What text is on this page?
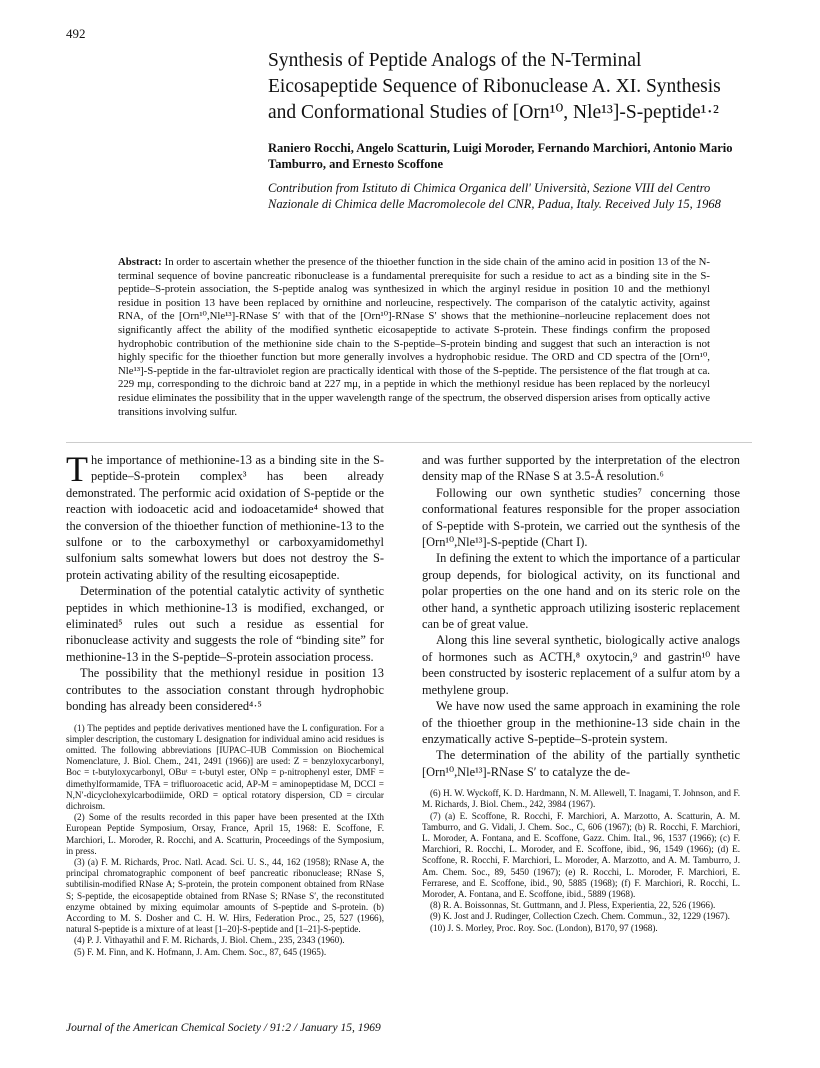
492
Synthesis of Peptide Analogs of the N-Terminal Eicosapeptide Sequence of Ribonuclease A. XI. Synthesis and Conformational Studies of [Orn¹⁰, Nle¹³]-S-peptide¹·²

Raniero Rocchi, Angelo Scatturin, Luigi Moroder, Fernando Marchiori, Antonio Mario Tamburro, and Ernesto Scoffone

Contribution from Istituto di Chimica Organica dell' Università, Sezione VIII del Centro Nazionale di Chimica delle Macromolecole del CNR, Padua, Italy. Received July 15, 1968

Abstract: In order to ascertain whether the presence of the thioether function in the side chain of the amino acid in position 13 of the N-terminal sequence of bovine pancreatic ribonuclease is a fundamental prerequisite for such a residue to act as a binding site in the S-peptide–S-protein association, the S-peptide analog was synthesized in which the arginyl residue in position 10 and the methionyl residue in position 13 have been replaced by ornithine and norleucine, respectively. The comparison of the catalytic activity, against RNA, of the [Orn¹⁰,Nle¹³]-RNase S′ with that of the [Orn¹⁰]-RNase S′ shows that the methionine–norleucine replacement does not significantly affect the ability of the modified synthetic eicosapeptide to activate S-protein. These findings confirm the proposed hydrophobic contribution of the methionine side chain to the S-peptide–S-protein binding and suggest that such an interaction is not highly specific for the thioether function but more generally involves a hydrophobic residue. The ORD and CD spectra of the [Orn¹⁰, Nle¹³]-S-peptide in the far-ultraviolet region are practically identical with those of the S-peptide. The persistence of the flat trough at ca. 229 mμ, corresponding to the dichroic band at 227 mμ, in a peptide in which the methionyl residue has been replaced by the norleucyl residue eliminates the possibility that in the upper wavelength range of the spectrum, the observed dispersion arises from optically active transitions involving sulfur.

The importance of methionine-13 as a binding site in the S-peptide–S-protein complex³ has been already demonstrated. The performic acid oxidation of S-peptide or the reaction with iodoacetic acid and iodoacetamide⁴ showed that the conversion of the thioether function of methionine-13 to the sulfone or to the carboxymethyl or carboxyamidomethyl sulfonium salts somewhat lowers but does not destroy the S-protein activating ability of the resulting eicosapeptide.

Determination of the potential catalytic activity of synthetic peptides in which methionine-13 is modified, exchanged, or eliminated⁵ rules out such a residue as essential for ribonuclease activity and suggests the role of “binding site” for methionine-13 in the S-peptide–S-protein association process.

The possibility that the methionyl residue in position 13 contributes to the association constant through hydrophobic bonding has already been considered⁴·⁵

(1) The peptides and peptide derivatives mentioned have the L configuration. For a simpler description, the customary L designation for individual amino acid residues is omitted. The following abbreviations [IUPAC–IUB Commission on Biochemical Nomenclature, J. Biol. Chem., 241, 2491 (1966)] are used: Z = benzyloxycarbonyl, Boc = t-butyloxycarbonyl, OBuᵗ = t-butyl ester, ONp = p-nitrophenyl ester, DMF = dimethylformamide, TFA = trifluoroacetic acid, AP-M = aminopeptidase M, DCCI = N,N′-dicyclohexylcarbodiimide, ORD = optical rotatory dispersion, CD = circular dichroism.

(2) Some of the results recorded in this paper have been presented at the IXth European Peptide Symposium, Orsay, France, April 15, 1968: E. Scoffone, F. Marchiori, L. Moroder, R. Rocchi, and A. Scatturin, Proceedings of the Symposium, in press.

(3) (a) F. M. Richards, Proc. Natl. Acad. Sci. U. S., 44, 162 (1958); RNase A, the principal chromatographic component of beef pancreatic ribonuclease; RNase S, subtilisin-modified RNase A; S-protein, the protein component obtained from RNase S; S-peptide, the eicosapeptide obtained from RNase S; RNase S′, the reconstituted enzyme obtained by mixing equimolar amounts of S-peptide and S-protein. (b) According to M. S. Dosher and C. H. W. Hirs, Federation Proc., 25, 527 (1966), natural S-peptide is a mixture of at least [1–20]-S-peptide and [1–21]-S-peptide.

(4) P. J. Vithayathil and F. M. Richards, J. Biol. Chem., 235, 2343 (1960).

(5) F. M. Finn, and K. Hofmann, J. Am. Chem. Soc., 87, 645 (1965).

and was further supported by the interpretation of the electron density map of the RNase S at 3.5-Å resolution.⁶

Following our own synthetic studies⁷ concerning those conformational features responsible for the proper association of S-peptide with S-protein, we carried out the synthesis of the [Orn¹⁰,Nle¹³]-S-peptide (Chart I).

In defining the extent to which the importance of a particular group depends, for biological activity, on its functional and polar properties on the one hand and on its steric role on the other hand, a synthetic approach utilizing isosteric replacement can be of great value.

Along this line several synthetic, biologically active analogs of hormones such as ACTH,⁸ oxytocin,⁹ and gastrin¹⁰ have been constructed by isosteric replacement of a sulfur atom by a methylene group.

We have now used the same approach in examining the role of the thioether group in the methionine-13 side chain in the enzymatically active S-peptide–S-protein system.

The determination of the ability of the partially synthetic [Orn¹⁰,Nle¹³]-RNase S′ to catalyze the de-

(6) H. W. Wyckoff, K. D. Hardmann, N. M. Allewell, T. Inagami, T. Johnson, and F. M. Richards, J. Biol. Chem., 242, 3984 (1967).

(7) (a) E. Scoffone, R. Rocchi, F. Marchiori, A. Marzotto, A. Scatturin, A. M. Tamburro, and G. Vidali, J. Chem. Soc., C, 606 (1967); (b) R. Rocchi, F. Marchiori, L. Moroder, A. Fontana, and E. Scoffone, Gazz. Chim. Ital., 96, 1537 (1966); (c) F. Marchiori, R. Rocchi, L. Moroder, and E. Scoffone, ibid., 96, 1549 (1966); (d) E. Scoffone, R. Rocchi, F. Marchiori, L. Moroder, A. Marzotto, and A. M. Tamburro, J. Am. Chem. Soc., 89, 5450 (1967); (e) R. Rocchi, L. Moroder, F. Marchiori, E. Ferrarese, and E. Scoffone, ibid., 90, 5885 (1968); (f) F. Marchiori, R. Rocchi, L. Moroder, A. Fontana, and E. Scoffone, ibid., 5889 (1968).

(8) R. A. Boissonnas, St. Guttmann, and J. Pless, Experientia, 22, 526 (1966).

(9) K. Jost and J. Rudinger, Collection Czech. Chem. Commun., 32, 1229 (1967).

(10) J. S. Morley, Proc. Roy. Soc. (London), B170, 97 (1968).

Journal of the American Chemical Society / 91:2 / January 15, 1969
